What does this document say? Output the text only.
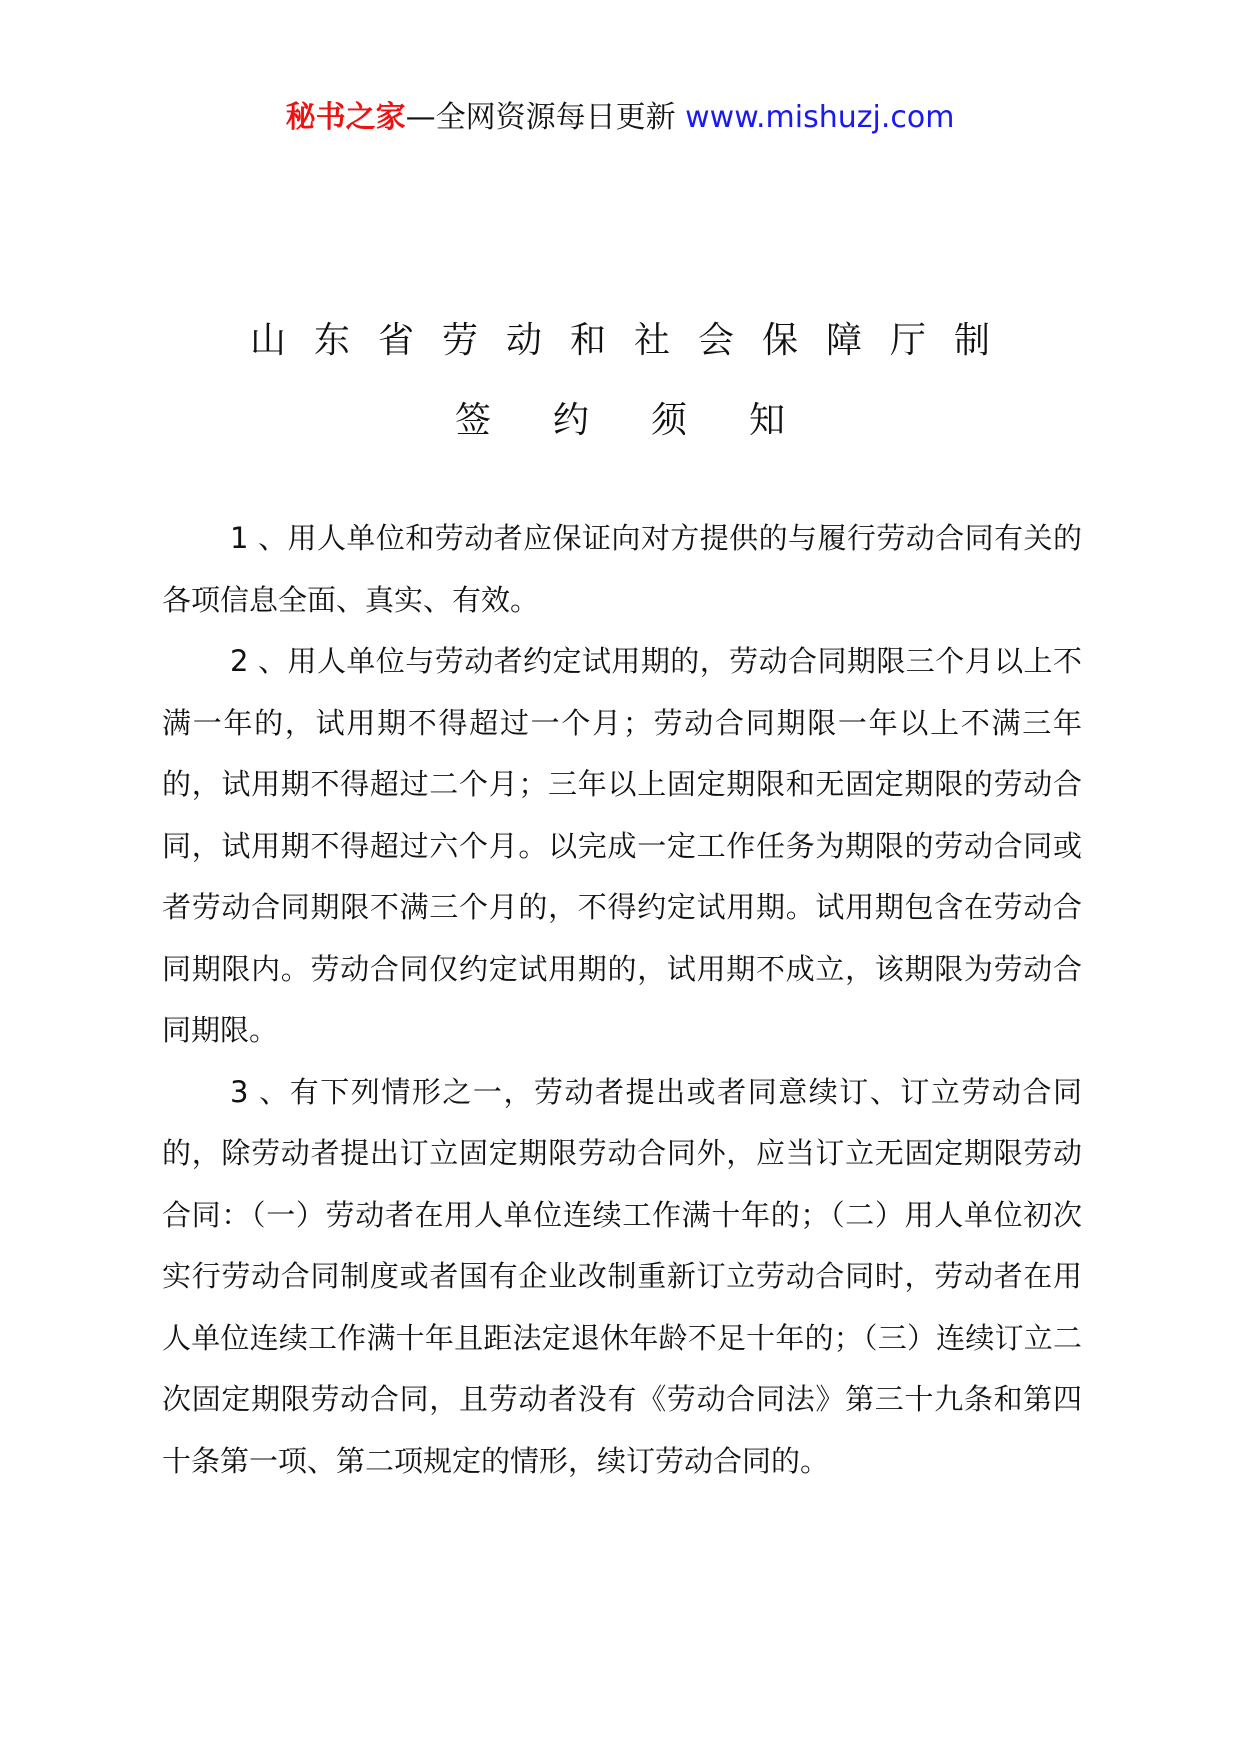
秘书之家—全网资源每日更新 www.mishuzj.com
山东省劳动和社会保障厅制
签约须知

1 、用人单位和劳动者应保证向对方提供的与履行劳动合同有关的各项信息全面、真实、有效。

2 、用人单位与劳动者约定试用期的，劳动合同期限三个月以上不满一年的，试用期不得超过一个月；劳动合同期限一年以上不满三年的，试用期不得超过二个月；三年以上固定期限和无固定期限的劳动合同，试用期不得超过六个月。以完成一定工作任务为期限的劳动合同或者劳动合同期限不满三个月的，不得约定试用期。试用期包含在劳动合同期限内。劳动合同仅约定试用期的，试用期不成立，该期限为劳动合同期限。

3 、有下列情形之一，劳动者提出或者同意续订、订立劳动合同的，除劳动者提出订立固定期限劳动合同外，应当订立无固定期限劳动合同：（一）劳动者在用人单位连续工作满十年的；（二）用人单位初次实行劳动合同制度或者国有企业改制重新订立劳动合同时，劳动者在用人单位连续工作满十年且距法定退休年龄不足十年的；（三）连续订立二次固定期限劳动合同，且劳动者没有《劳动合同法》第三十九条和第四十条第一项、第二项规定的情形，续订劳动合同的。
